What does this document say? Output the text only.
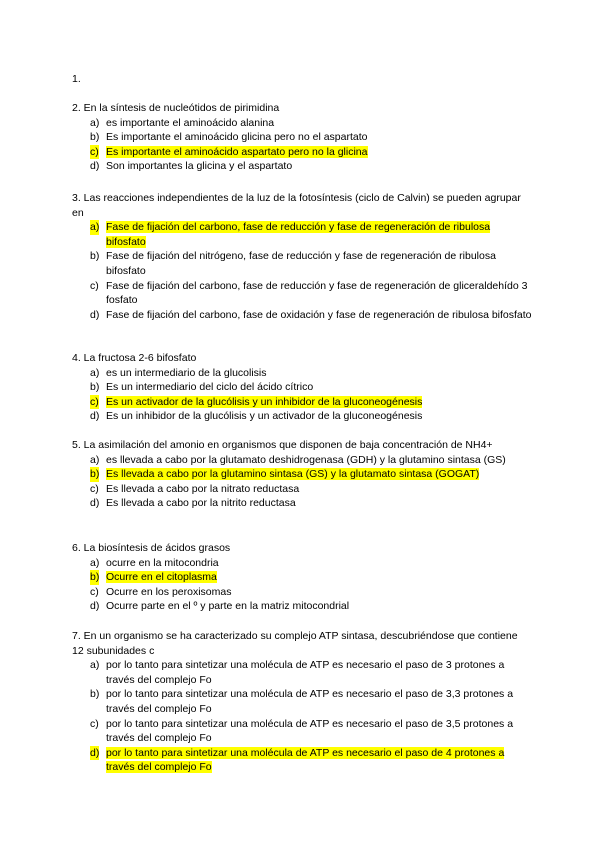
1.

2. En la síntesis de nucleótidos de pirimidina

a) es importante el aminoácido alanina
b) Es importante el aminoácido glicina pero no el aspartato
c) Es importante el aminoácido aspartato pero no la glicina
d) Son importantes la glicina y el aspartato

3. Las reacciones independientes de la luz de la fotosíntesis (ciclo de Calvin) se pueden agrupar en

a) Fase de fijación del carbono, fase de reducción y fase de regeneración de ribulosa bifosfato
b) Fase de fijación del nitrógeno, fase de reducción y fase de regeneración de ribulosa bifosfato
c) Fase de fijación del carbono, fase de reducción y fase de regeneración de gliceraldehído 3 fosfato
d) Fase de fijación del carbono, fase de oxidación y fase de regeneración de ribulosa bifosfato

4. La fructosa 2-6 bifosfato

a) es un intermediario de la glucolisis
b) Es un intermediario del ciclo del ácido cítrico
c) Es un activador de la glucólisis y un inhibidor de la gluconeogénesis
d) Es un inhibidor de la glucólisis y un activador de la gluconeogénesis

5. La asimilación del amonio en organismos que disponen de baja concentración de NH4+

a) es llevada a cabo por la glutamato deshidrogenasa (GDH) y la glutamino sintasa (GS)
b) Es llevada a cabo por la glutamino sintasa (GS) y la glutamato sintasa (GOGAT)
c) Es llevada a cabo por la nitrato reductasa
d) Es llevada a cabo por la nitrito reductasa

6. La biosíntesis de ácidos grasos

a) ocurre en la mitocondria
b) Ocurre en el citoplasma
c) Ocurre en los peroxisomas
d) Ocurre parte en el º y parte en la matriz mitocondrial

7. En un organismo se ha caracterizado su complejo ATP sintasa, descubriéndose que contiene 12 subunidades c

a) por lo tanto para sintetizar una molécula de ATP es necesario el paso de 3 protones a través del complejo Fo
b) por lo tanto para sintetizar una molécula de ATP es necesario el paso de 3,3 protones a través del complejo Fo
c) por lo tanto para sintetizar una molécula de ATP es necesario el paso de 3,5 protones a través del complejo Fo
d) por lo tanto para sintetizar una molécula de ATP es necesario el paso de 4 protones a través del complejo Fo
